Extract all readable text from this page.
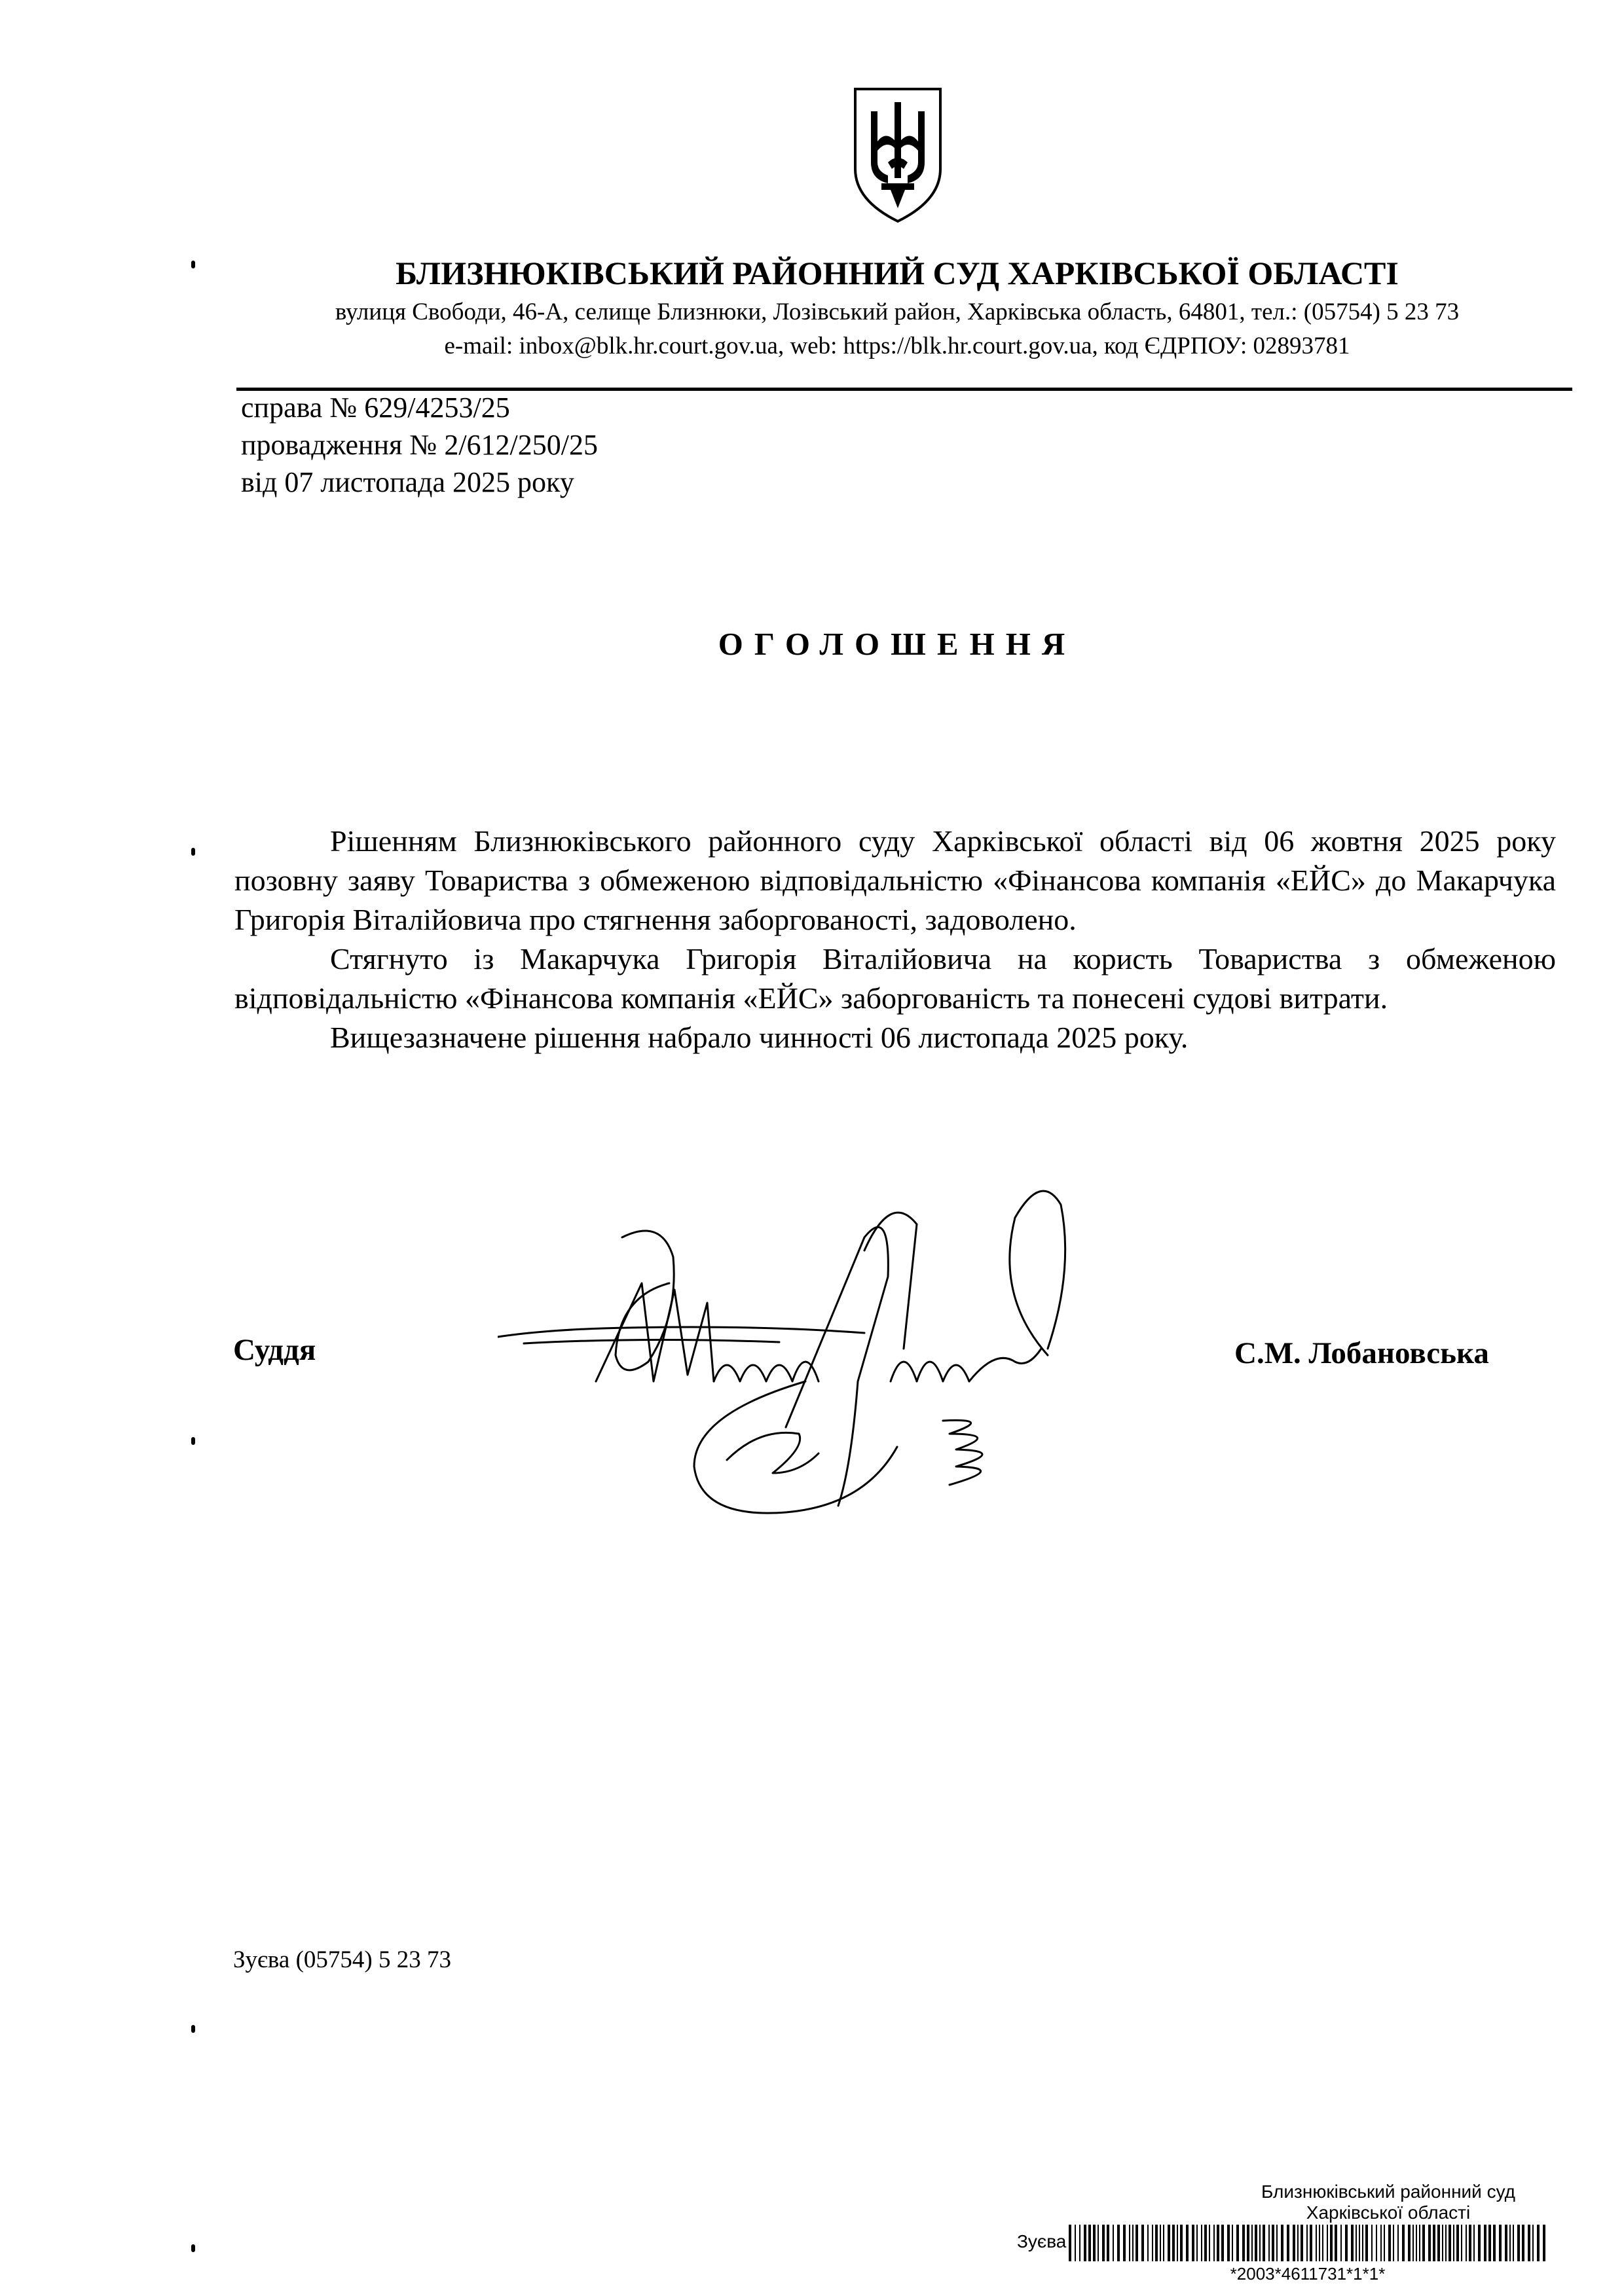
БЛИЗНЮКІВСЬКИЙ РАЙОННИЙ СУД ХАРКІВСЬКОЇ ОБЛАСТІ
вулиця Свободи, 46-А, селище Близнюки, Лозівський район, Харківська область, 64801, тел.: (05754) 5 23 73
e-mail: inbox@blk.hr.court.gov.ua, web: https://blk.hr.court.gov.ua, код ЄДРПОУ: 02893781
справа № 629/4253/25
провадження № 2/612/250/25
від 07 листопада 2025 року
ОГОЛОШЕННЯ

Рішенням Близнюківського районного суду Харківської області від 06 жовтня 2025 року позовну заяву Товариства з обмеженою відповідальністю «Фінансова компанія «ЕЙС» до Макарчука Григорія Віталійовича про стягнення заборгованості, задоволено.

Стягнуто із Макарчука Григорія Віталійовича на користь Товариства з обмеженою відповідальністю «Фінансова компанія «ЕЙС» заборгованість та понесені судові витрати.

Вищезазначене рішення набрало чинності 06 листопада 2025 року.

Суддя	С.М. Лобановська
Зуєва (05754) 5 23 73
Близнюківський районний суд
Харківської області
Зуєва
*2003*4611731*1*1*
